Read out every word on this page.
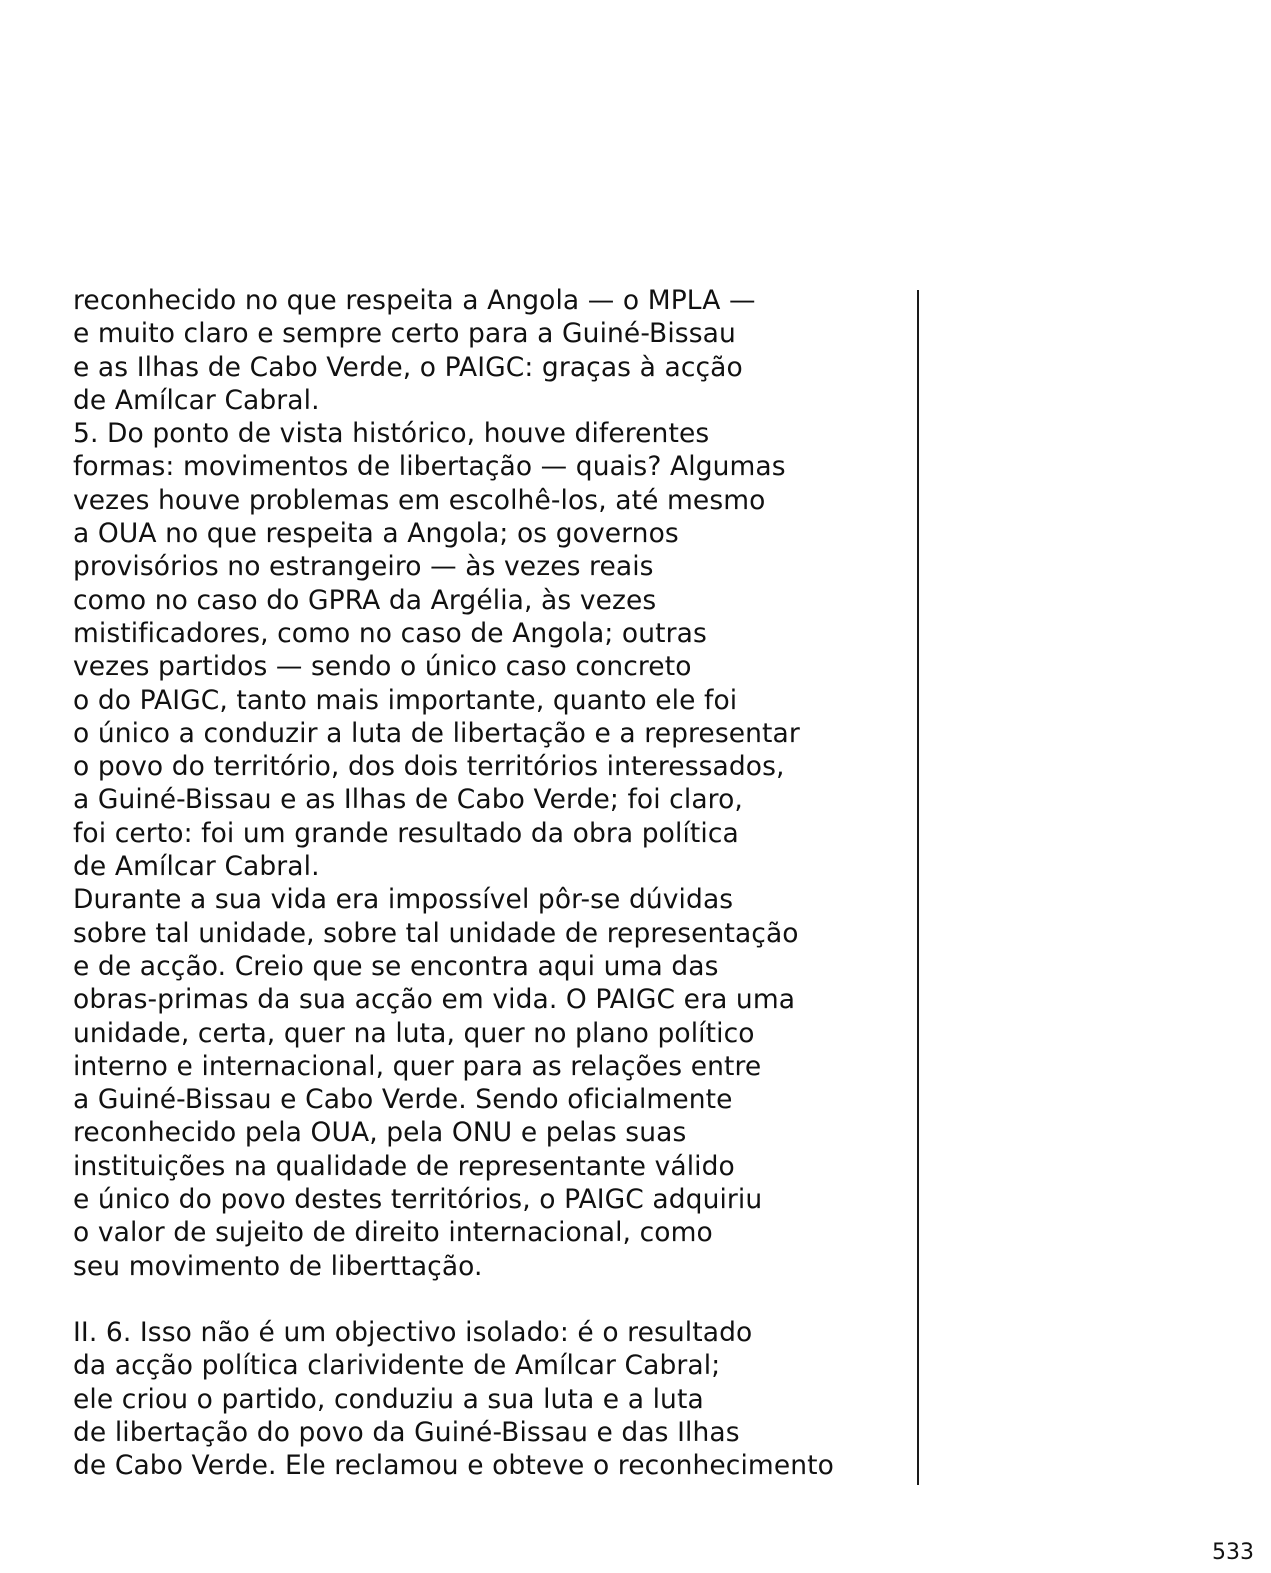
reconhecido no que respeita a Angola — o MPLA —
e muito claro e sempre certo para a Guiné-Bissau
e as Ilhas de Cabo Verde, o PAIGC: graças à acção
de Amílcar Cabral.
5. Do ponto de vista histórico, houve diferentes
formas: movimentos de libertação — quais? Algumas
vezes houve problemas em escolhê-los, até mesmo
a OUA no que respeita a Angola; os governos
provisórios no estrangeiro — às vezes reais
como no caso do GPRA da Argélia, às vezes
mistificadores, como no caso de Angola; outras
vezes partidos — sendo o único caso concreto
o do PAIGC, tanto mais importante, quanto ele foi
o único a conduzir a luta de libertação e a representar
o povo do território, dos dois territórios interessados,
a Guiné-Bissau e as Ilhas de Cabo Verde; foi claro,
foi certo: foi um grande resultado da obra política
de Amílcar Cabral.
Durante a sua vida era impossível pôr-se dúvidas
sobre tal unidade, sobre tal unidade de representação
e de acção. Creio que se encontra aqui uma das
obras-primas da sua acção em vida. O PAIGC era uma
unidade, certa, quer na luta, quer no plano político
interno e internacional, quer para as relações entre
a Guiné-Bissau e Cabo Verde. Sendo oficialmente
reconhecido pela OUA, pela ONU e pelas suas
instituições na qualidade de representante válido
e único do povo destes territórios, o PAIGC adquiriu
o valor de sujeito de direito internacional, como
seu movimento de liberttação.
II. 6. Isso não é um objectivo isolado: é o resultado
da acção política clarividente de Amílcar Cabral;
ele criou o partido, conduziu a sua luta e a luta
de libertação do povo da Guiné-Bissau e das Ilhas
de Cabo Verde. Ele reclamou e obteve o reconhecimento
533
